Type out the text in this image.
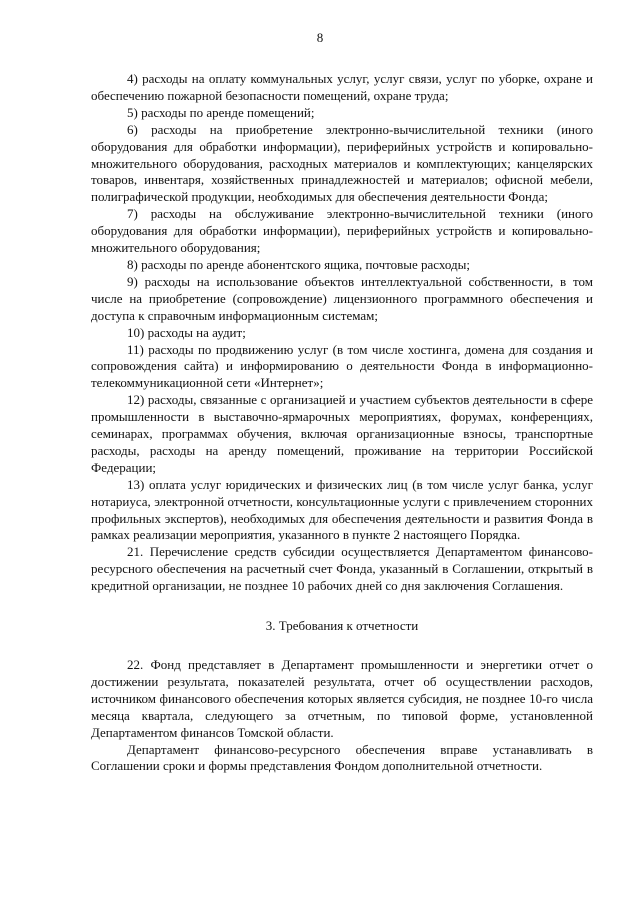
8

4) расходы на оплату коммунальных услуг, услуг связи, услуг по уборке, охране и обеспечению пожарной безопасности помещений, охране труда;

5) расходы по аренде помещений;

6) расходы на приобретение электронно-вычислительной техники (иного оборудования для обработки информации), периферийных устройств и копировально-множительного оборудования, расходных материалов и комплектующих; канцелярских товаров, инвентаря, хозяйственных принадлежностей и материалов; офисной мебели, полиграфической продукции, необходимых для обеспечения деятельности Фонда;

7) расходы на обслуживание электронно-вычислительной техники (иного оборудования для обработки информации), периферийных устройств и копировально-множительного оборудования;

8) расходы по аренде абонентского ящика, почтовые расходы;

9) расходы на использование объектов интеллектуальной собственности, в том числе на приобретение (сопровождение) лицензионного программного обеспечения и доступа к справочным информационным системам;

10) расходы на аудит;

11) расходы по продвижению услуг (в том числе хостинга, домена для создания и сопровождения сайта) и информированию о деятельности Фонда в информационно-телекоммуникационной сети «Интернет»;

12) расходы, связанные с организацией и участием субъектов деятельности в сфере промышленности в выставочно-ярмарочных мероприятиях, форумах, конференциях, семинарах, программах обучения, включая организационные взносы, транспортные расходы, расходы на аренду помещений, проживание на территории Российской Федерации;

13) оплата услуг юридических и физических лиц (в том числе услуг банка, услуг нотариуса, электронной отчетности, консультационные услуги с привлечением сторонних профильных экспертов), необходимых для обеспечения деятельности и развития Фонда в рамках реализации мероприятия, указанного в пункте 2 настоящего Порядка.

21. Перечисление средств субсидии осуществляется Департаментом финансово-ресурсного обеспечения на расчетный счет Фонда, указанный в Соглашении, открытый в кредитной организации, не позднее 10 рабочих дней со дня заключения Соглашения.

3. Требования к отчетности

22. Фонд представляет в Департамент промышленности и энергетики отчет о достижении результата, показателей результата, отчет об осуществлении расходов, источником финансового обеспечения которых является субсидия, не позднее 10-го числа месяца квартала, следующего за отчетным, по типовой форме, установленной Департаментом финансов Томской области.

Департамент финансово-ресурсного обеспечения вправе устанавливать в Соглашении сроки и формы представления Фондом дополнительной отчетности.
